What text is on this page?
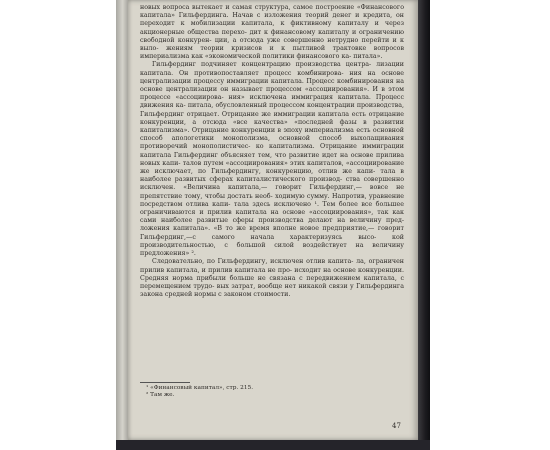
новых вопроса вытекает и самая структура, самое построение «Финансового капитала» Гильфердинга. Начав с изложения теорий денег и кредита, он переходит к мобилизации капитала, к фиктивному капиталу и через акционерные общества перехо- дит к финансовому капиталу и ограничению свободной конкурен- ции, а отсюда уже совершенно нетрудно перейти и к выло- жениям теории кризисов и к пытливой трактовке вопросов империализма как «экономической политики финансового ка- питала».

Гильфердинг подчиняет концентрацию производства центра- лизации капитала. Он противопоставляет процесс комбинирова- ния на основе централизации процессу иммиграции капитала. Процесс комбинирования на основе централизации он называет процессом «ассоциирования». И в этом процессе «ассоциирова- ния» исключена иммиграция капитала. Процесс движения ка- питала, обусловленный процессом концентрации производства, Гильфердинг отрицает. Отрицание же иммиграции капитала есть отрицание конкуренции, а отсюда «все качества» «последней фазы в развитии капитализма». Отрицание конкуренции в эпоху империализма есть основной способ апологетики монополизма, основной способ выхолащивания противоречий монополистичес- ко капитализма. Отрицание иммиграции капитала Гильфердинг объясняет тем, что развитие идет на основе прилива новых капи- талов путем «ассоциирования» этих капиталов, «ассоциирование же исключает, по Гильфердингу, конкуренцию, отлив же капи- тала в наиболее развитых сферах капиталистического производ- ства совершенно исключен. «Величина капитала,— говорит Гильфердинг,— вовсе не препятствие тому, чтобы достать необ- ходимую сумму. Напротив, уравнение посредством отлива капи- тала здесь исключено ¹. Тем более все большее ограничиваются и прилив капитала на основе «ассоциирования», так как сами наиболее развитые сферы производства делают на величину пред- ложения капитала». «В то же время вполне новое предприятие,— говорит Гильфердинг,—с самого начала характеризуясь высо-	кой производительностью, с большой силой воздействует на величину предложения» ².

Следовательно, по Гильфердингу, исключен отлив капита- ла, ограничен прилив капитала, и прилив капитала не про- исходит на основе конкуренции. Средняя норма прибыли больше не связана с передвижением капитала, с перемещением трудо- вых затрат, вообще нет никакой связи у Гильфердинга закона средней нормы с законом стоимости.

¹ «Финансовый капитал», стр. 215.
² Там же.
47
